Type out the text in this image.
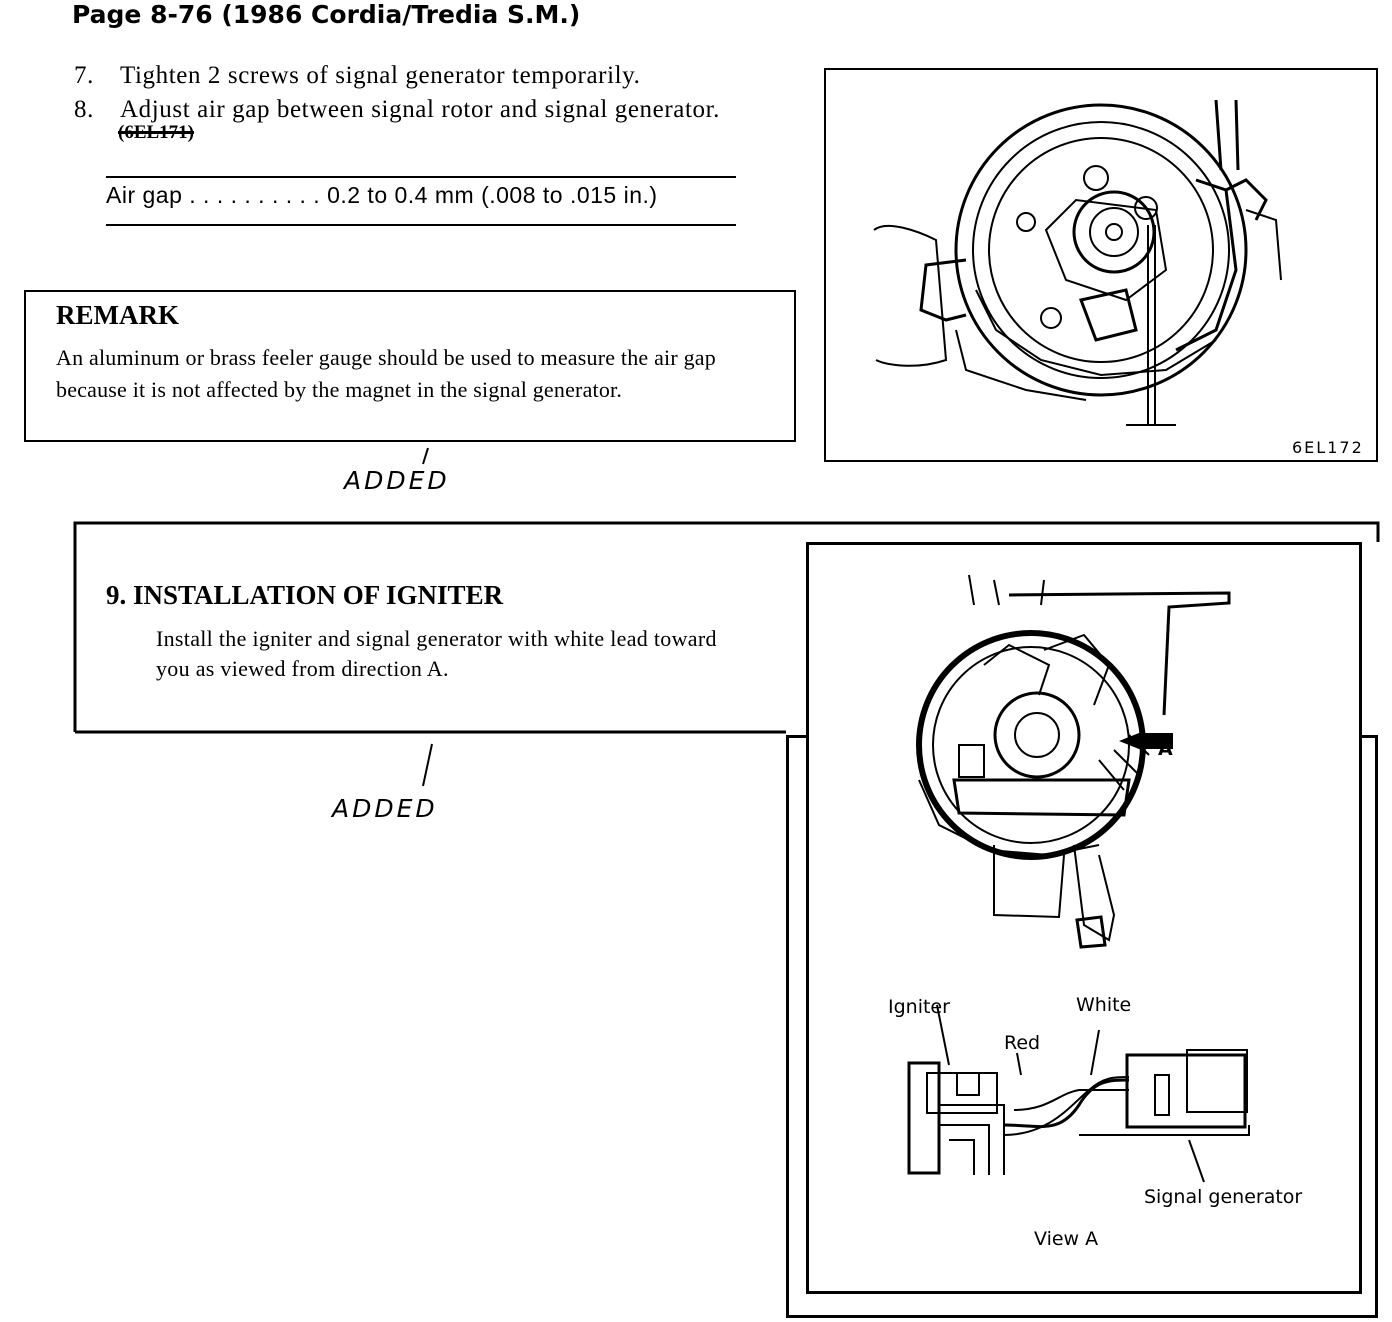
Page 8-76 (1986 Cordia/Tredia S.M.)
7. Tighten 2 screws of signal generator temporarily.
8. Adjust air gap between signal rotor and signal generator.
(6EL171)
Air gap . . . . . . . . . . 0.2 to 0.4 mm (.008 to .015 in.)
REMARK
An aluminum or brass feeler gauge should be used to measure the air gap because it is not affected by the magnet in the signal generator.
ADDED
6EL172
9. INSTALLATION OF IGNITER
Install the igniter and signal generator with white lead toward you as viewed from direction A.
ADDED
A
Igniter	White
Red
Signal generator
View A
